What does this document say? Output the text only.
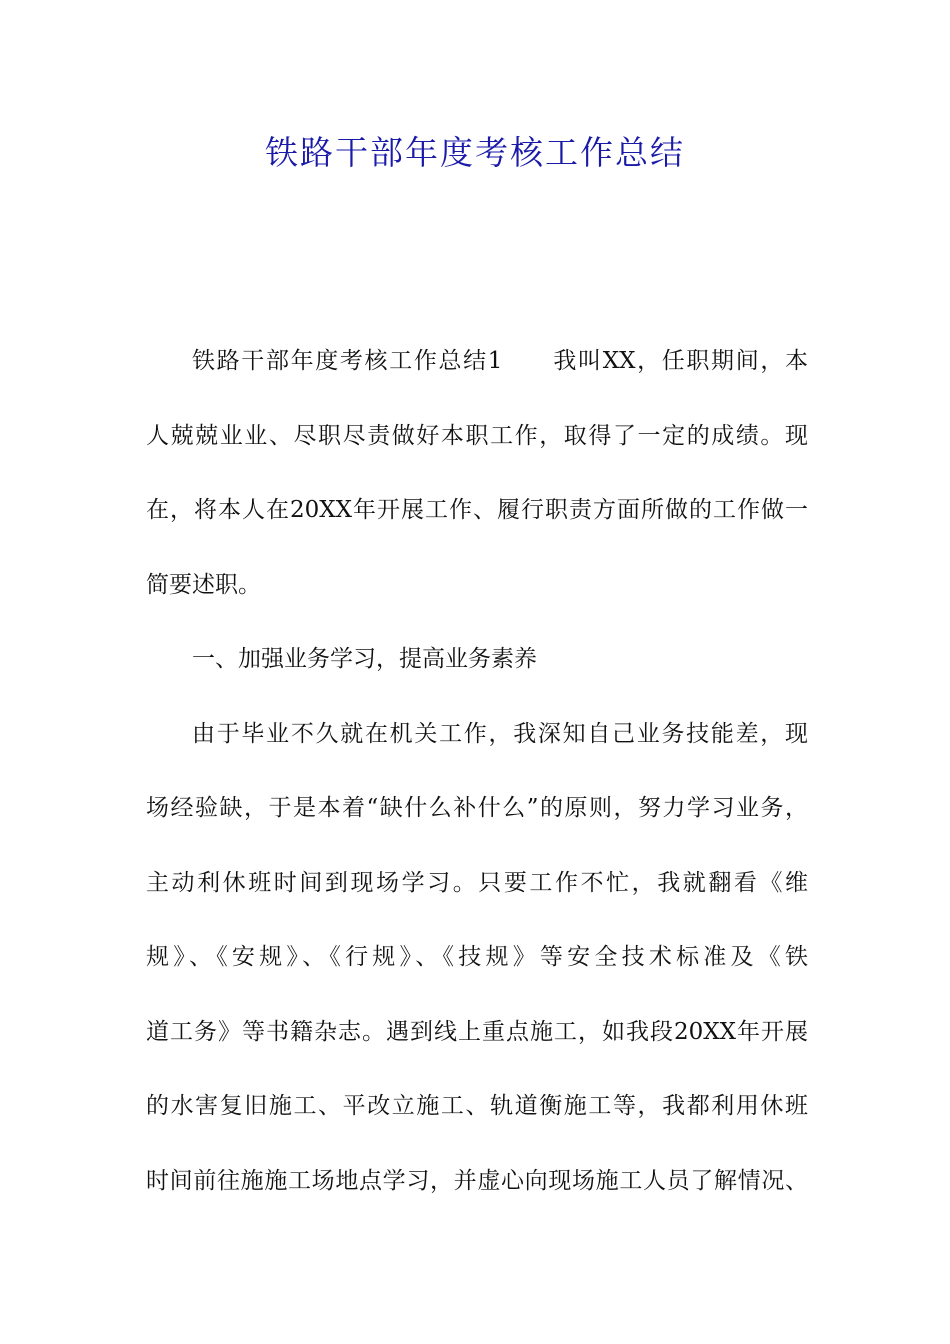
铁路干部年度考核工作总结
铁路干部年度考核工作总结1　　我叫XX，任职期间，本
人兢兢业业、尽职尽责做好本职工作，取得了一定的成绩。现
在，将本人在20XX年开展工作、履行职责方面所做的工作做一
简要述职。
一、加强业务学习，提高业务素养
由于毕业不久就在机关工作，我深知自己业务技能差，现
场经验缺，于是本着“缺什么补什么”的原则，努力学习业务，
主动利休班时间到现场学习。只要工作不忙，我就翻看《维
规》、《安规》、《行规》、《技规》等安全技术标准及《铁
道工务》等书籍杂志。遇到线上重点施工，如我段20XX年开展
的水害复旧施工、平改立施工、轨道衡施工等，我都利用休班
时间前往施施工场地点学习，并虚心向现场施工人员了解情况、
